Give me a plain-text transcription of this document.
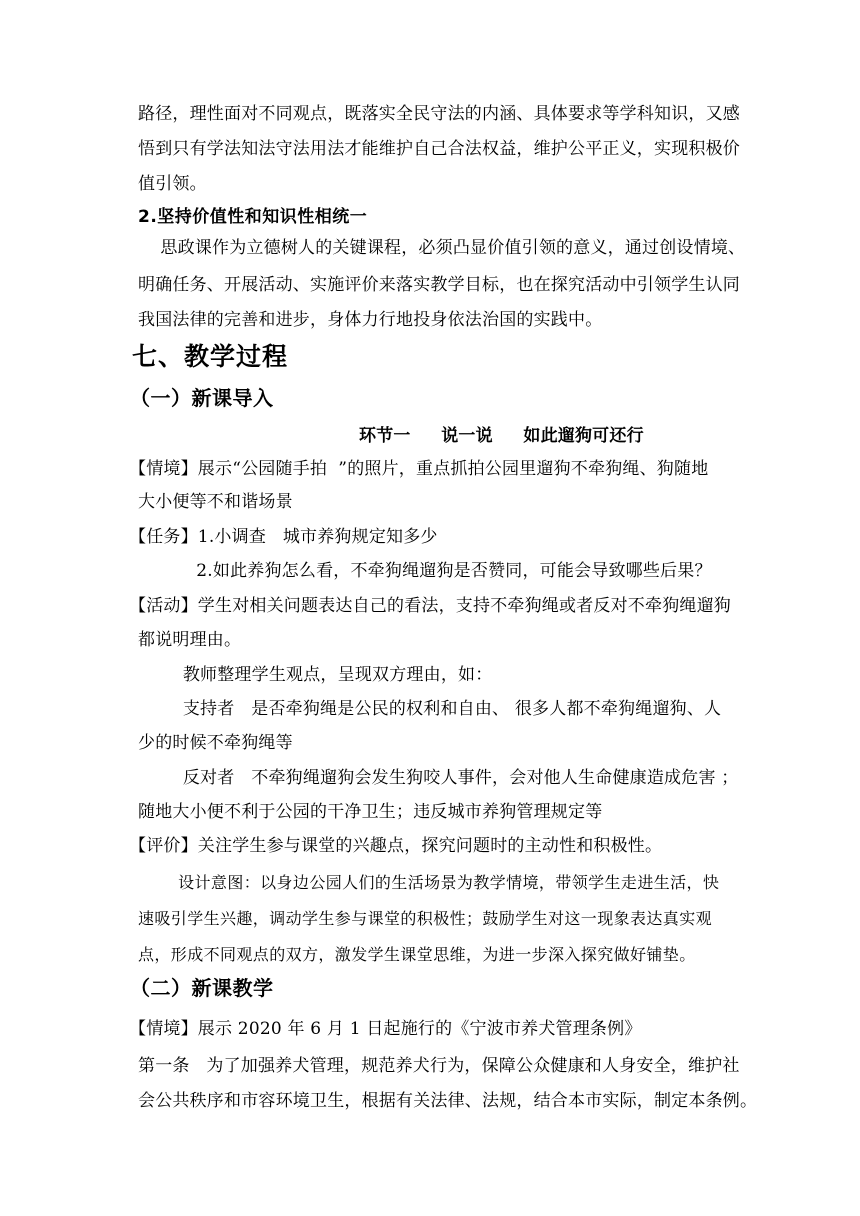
路径，理性面对不同观点，既落实全民守法的内涵、具体要求等学科知识，又感
悟到只有学法知法守法用法才能维护自己合法权益，维护公平正义，实现积极价
值引领。
2.坚持价值性和知识性相统一
思政课作为立德树人的关键课程，必须凸显价值引领的意义，通过创设情境、
明确任务、开展活动、实施评价来落实教学目标，也在探究活动中引领学生认同
我国法律的完善和进步，身体力行地投身依法治国的实践中。
七、教学过程
（一）新课导入
环节一     说一说     如此遛狗可还行
【情境】展示“公园随手拍  ”的照片，重点抓拍公园里遛狗不牵狗绳、狗随地
大小便等不和谐场景
【任务】1.小调查   城市养狗规定知多少
2.如此养狗怎么看，不牵狗绳遛狗是否赞同，可能会导致哪些后果？
【活动】学生对相关问题表达自己的看法，支持不牵狗绳或者反对不牵狗绳遛狗
都说明理由。
教师整理学生观点，呈现双方理由，如：
支持者   是否牵狗绳是公民的权利和自由、 很多人都不牵狗绳遛狗、人
少的时候不牵狗绳等
反对者   不牵狗绳遛狗会发生狗咬人事件，会对他人生命健康造成危害 ；
随地大小便不利于公园的干净卫生；违反城市养狗管理规定等
【评价】关注学生参与课堂的兴趣点，探究问题时的主动性和积极性。
设计意图：以身边公园人们的生活场景为教学情境，带领学生走进生活，快
速吸引学生兴趣，调动学生参与课堂的积极性；鼓励学生对这一现象表达真实观
点，形成不同观点的双方，激发学生课堂思维，为进一步深入探究做好铺垫。
（二）新课教学
【情境】展示 2020 年 6 月 1 日起施行的《宁波市养犬管理条例》
第一条   为了加强养犬管理，规范养犬行为，保障公众健康和人身安全，维护社
会公共秩序和市容环境卫生，根据有关法律、法规，结合本市实际，制定本条例。
